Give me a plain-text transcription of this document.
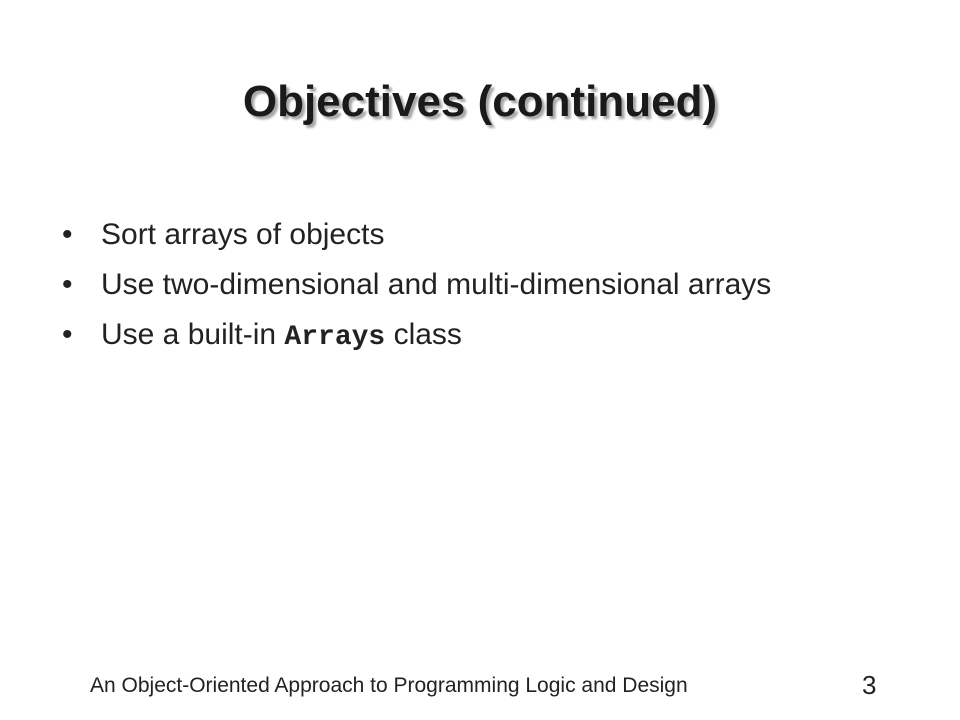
Objectives (continued)
• Sort arrays of objects
• Use two-dimensional and multi-dimensional arrays
• Use a built-in Arrays class
An Object-Oriented Approach to Programming Logic and Design	3
